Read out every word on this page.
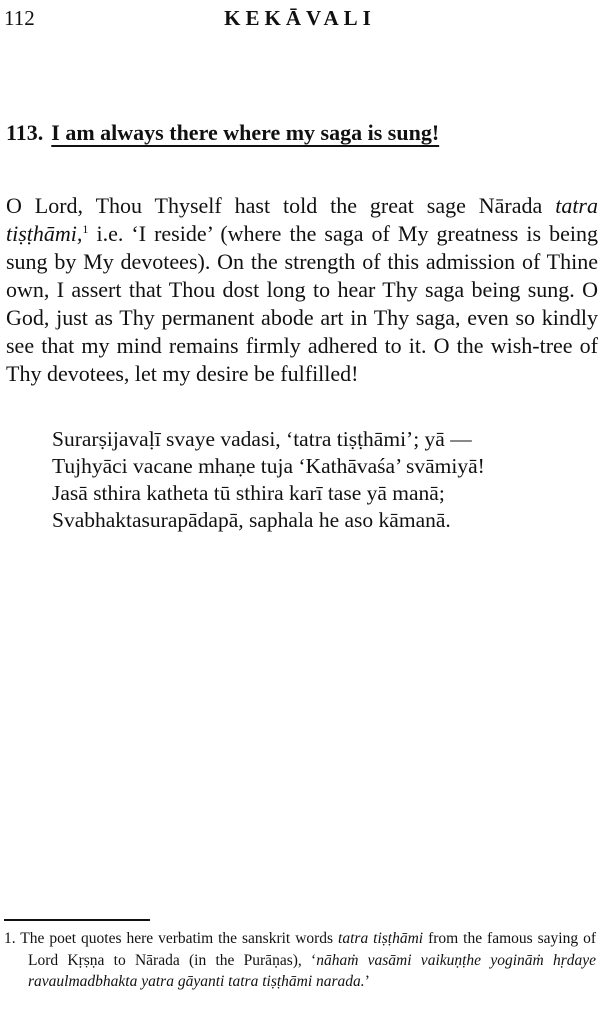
112	KEKĀVALI
113. I am always there where my saga is sung!

O Lord, Thou Thyself hast told the great sage Nārada tatra tiṣṭhāmi,$^1$ i.e. ‘I reside’ (where the saga of My greatness is being sung by My devotees). On the strength of this admission of Thine own, I assert that Thou dost long to hear Thy saga being sung. O God, just as Thy permanent abode art in Thy saga, even so kindly see that my mind remains firmly adhered to it. O the wish-tree of Thy devotees, let my desire be fulfilled!

Surarṣijavaḷī svaye vadasi, ‘tatra tiṣṭhāmi’; yā —
Tujhyāci vacane mhaṇe tuja ‘Kathāvaśa’ svāmiyā!
Jasā sthira katheta tū sthira karī tase yā manā;
Svabhaktasurapādapā, saphala he aso kāmanā.

1. The poet quotes here verbatim the sanskrit words tatra tiṣṭhāmi from the famous saying of Lord Kṛṣṇa to Nārada (in the Purāṇas), ‘nāhaṁ vasāmi vaikuṇṭhe yogināṁ hṛdaye ravaulmadbhakta yatra gāyanti tatra tiṣṭhāmi narada.’
